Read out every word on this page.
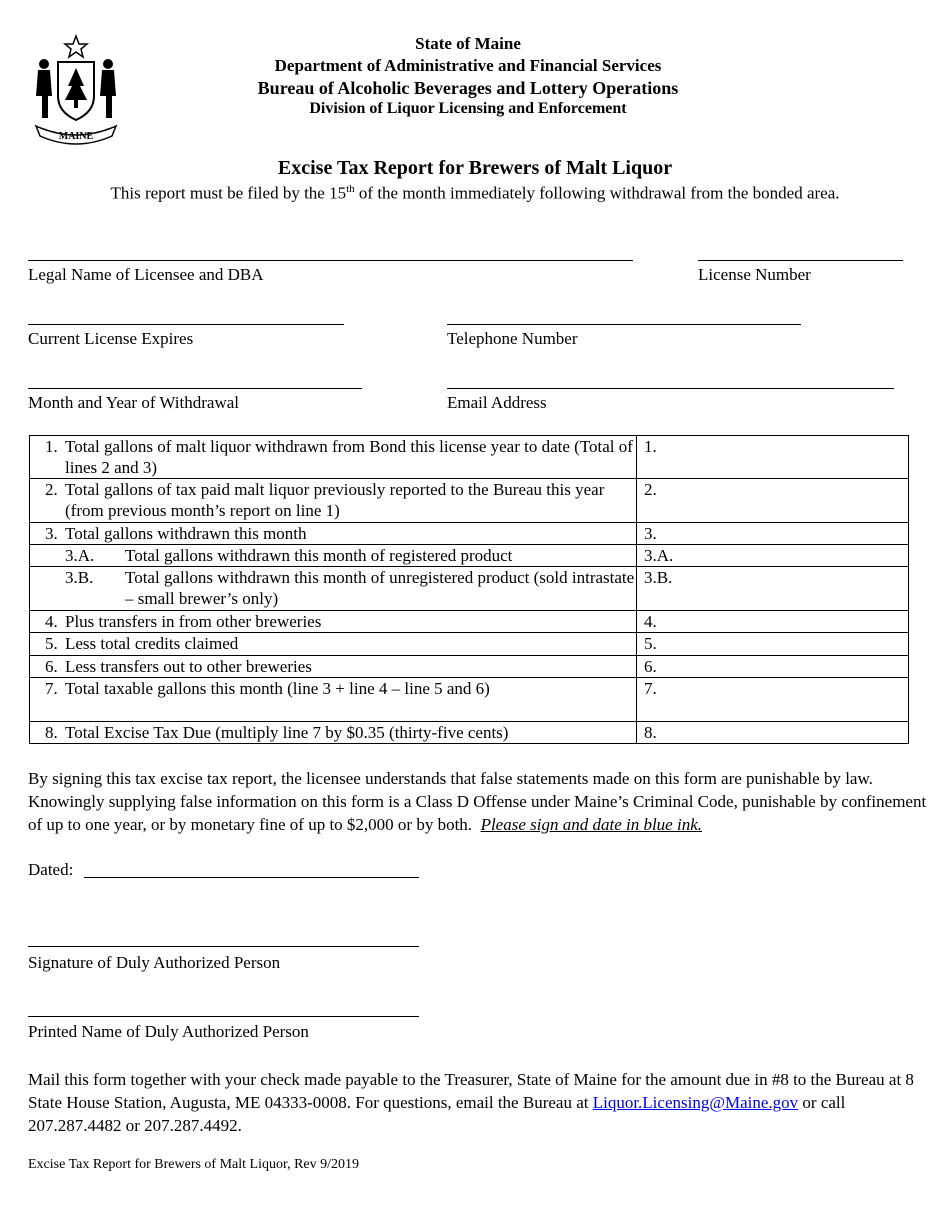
MAINE
State of Maine
Department of Administrative and Financial Services
Bureau of Alcoholic Beverages and Lottery Operations
Division of Liquor Licensing and Enforcement
Excise Tax Report for Brewers of Malt Liquor
This report must be filed by the 15th of the month immediately following withdrawal from the bonded area.
Legal Name of Licensee and DBA	License Number
Current License Expires	Telephone Number
Month and Year of Withdrawal	Email Address
1. Total gallons of malt liquor withdrawn from Bond this license year to date (Total of lines 2 and 3)	1.

2. Total gallons of tax paid malt liquor previously reported to the Bureau this year (from previous month’s report on line 1)	2.

3. Total gallons withdrawn this month	3.

3.A. Total gallons withdrawn this month of registered product	3.A.

3.B. Total gallons withdrawn this month of unregistered product (sold intrastate – small brewer’s only)	3.B.

4. Plus transfers in from other breweries	4.

5. Less total credits claimed	5.

6. Less transfers out to other breweries	6.

7. Total taxable gallons this month (line 3 + line 4 – line 5 and 6)	7.

8. Total Excise Tax Due (multiply line 7 by $0.35 (thirty-five cents)	8.
By signing this tax excise tax report, the licensee understands that false statements made on this form are punishable by law. Knowingly supplying false information on this form is a Class D Offense under Maine’s Criminal Code, punishable by confinement of up to one year, or by monetary fine of up to $2,000 or by both. Please sign and date in blue ink.
Dated:
Signature of Duly Authorized Person
Printed Name of Duly Authorized Person
Mail this form together with your check made payable to the Treasurer, State of Maine for the amount due in #8 to the Bureau at 8 State House Station, Augusta, ME 04333-0008. For questions, email the Bureau at Liquor.Licensing@Maine.gov or call 207.287.4482 or 207.287.4492.
Excise Tax Report for Brewers of Malt Liquor, Rev 9/2019
